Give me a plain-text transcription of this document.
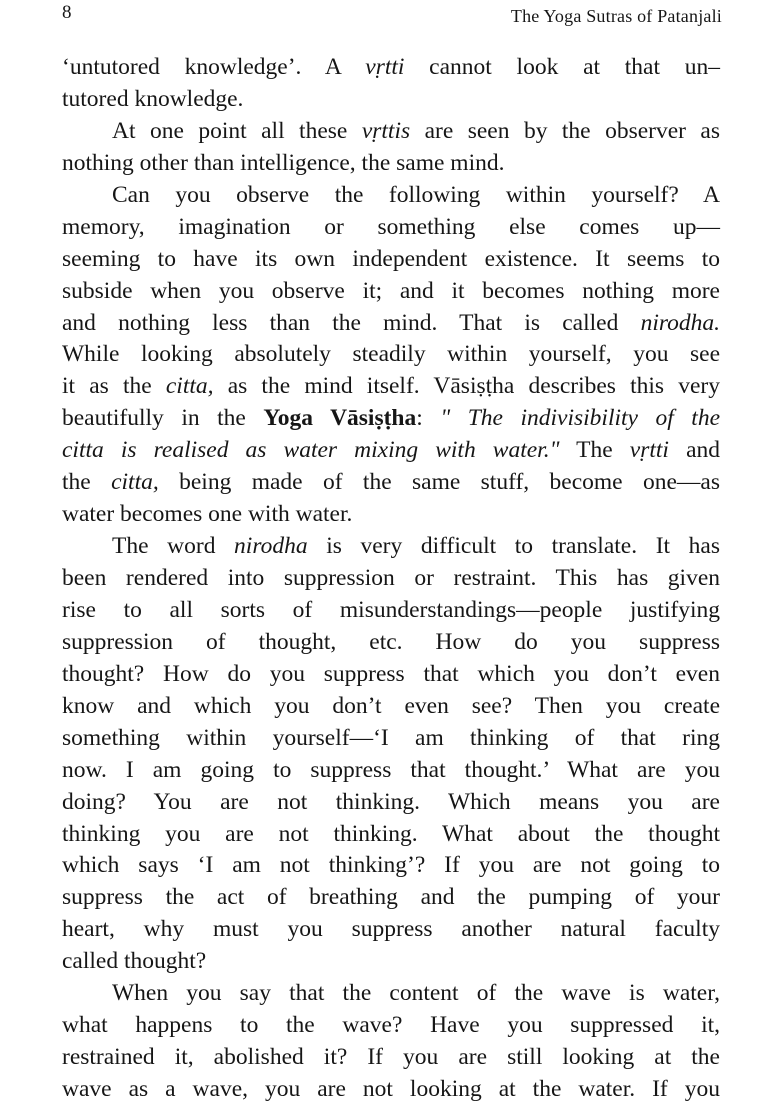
8	The Yoga Sutras of Patanjali
‘untutored knowledge’. A vṛtti cannot look at that un–
tutored knowledge.
At one point all these vṛttis are seen by the observer as
nothing other than intelligence, the same mind.
Can you observe the following within yourself? A
memory, imagination or something else comes up—
seeming to have its own independent existence. It seems to
subside when you observe it; and it becomes nothing more
and nothing less than the mind. That is called nirodha.
While looking absolutely steadily within yourself, you see
it as the citta, as the mind itself. Vāsiṣṭha describes this very
beautifully in the Yoga Vāsiṣṭha: " The indivisibility of the
citta is realised as water mixing with water." The vṛtti and
the citta, being made of the same stuff, become one—as
water becomes one with water.
The word nirodha is very difficult to translate. It has
been rendered into suppression or restraint. This has given
rise to all sorts of misunderstandings—people justifying
suppression of thought, etc. How do you suppress
thought? How do you suppress that which you don’t even
know and which you don’t even see? Then you create
something within yourself—‘I am thinking of that ring
now. I am going to suppress that thought.’ What are you
doing? You are not thinking. Which means you are
thinking you are not thinking. What about the thought
which says ‘I am not thinking’? If you are not going to
suppress the act of breathing and the pumping of your
heart, why must you suppress another natural faculty
called thought?
When you say that the content of the wave is water,
what happens to the wave? Have you suppressed it,
restrained it, abolished it? If you are still looking at the
wave as a wave, you are not looking at the water. If you
